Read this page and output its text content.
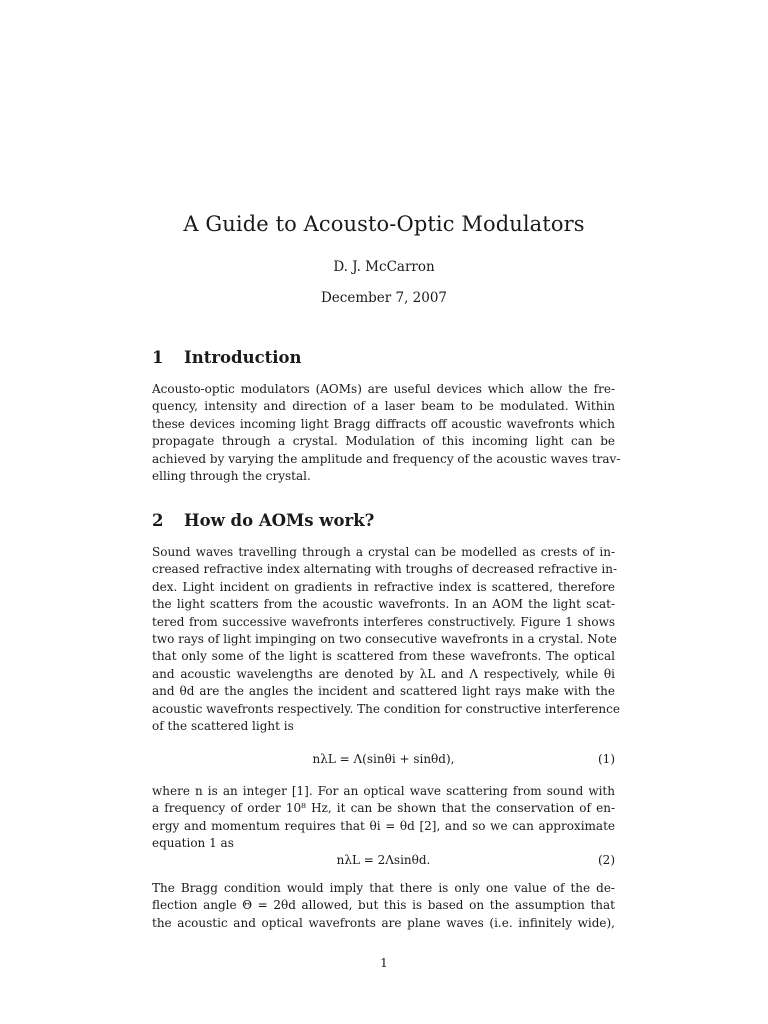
A Guide to Acousto-Optic Modulators
D. J. McCarron
December 7, 2007
1 Introduction
Acousto-optic modulators (AOMs) are useful devices which allow the fre-
quency, intensity and direction of a laser beam to be modulated. Within
these devices incoming light Bragg diffracts off acoustic wavefronts which
propagate through a crystal. Modulation of this incoming light can be
achieved by varying the amplitude and frequency of the acoustic waves trav-
elling through the crystal.
2 How do AOMs work?
Sound waves travelling through a crystal can be modelled as crests of in-
creased refractive index alternating with troughs of decreased refractive in-
dex. Light incident on gradients in refractive index is scattered, therefore
the light scatters from the acoustic wavefronts. In an AOM the light scat-
tered from successive wavefronts interferes constructively. Figure 1 shows
two rays of light impinging on two consecutive wavefronts in a crystal. Note
that only some of the light is scattered from these wavefronts. The optical
and acoustic wavelengths are denoted by λL and Λ respectively, while θi
and θd are the angles the incident and scattered light rays make with the
acoustic wavefronts respectively. The condition for constructive interference
of the scattered light is
nλL = Λ(sinθi + sinθd),	(1)
where n is an integer [1]. For an optical wave scattering from sound with
a frequency of order 10⁸ Hz, it can be shown that the conservation of en-
ergy and momentum requires that θi = θd [2], and so we can approximate
equation 1 as
nλL = 2Λsinθd.	(2)
The Bragg condition would imply that there is only one value of the de-
flection angle Θ = 2θd allowed, but this is based on the assumption that
the acoustic and optical wavefronts are plane waves (i.e. infinitely wide),
1
